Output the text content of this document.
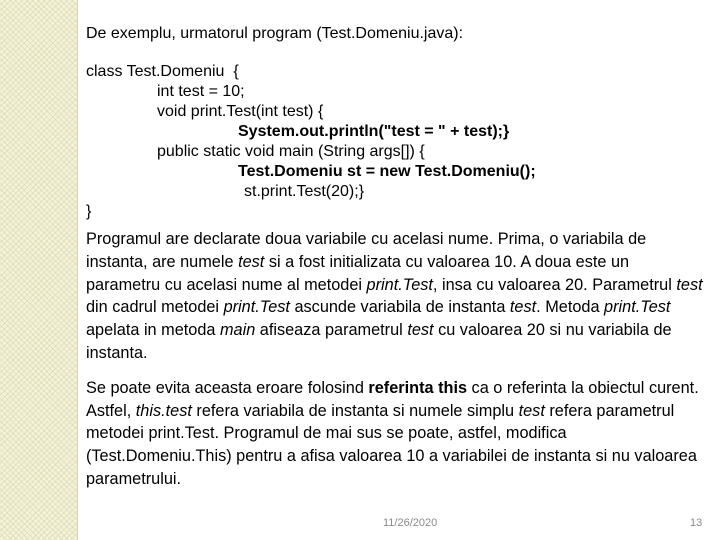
De exemplu, urmatorul program (Test.Domeniu.java):

class Test.Domeniu  {
int test = 10;
void print.Test(int test) {
System.out.println("test = " + test);}
public static void main (String args[]) {
Test.Domeniu st = new Test.Domeniu();
st.print.Test(20);}
}

Programul are declarate doua variabile cu acelasi nume. Prima, o variabila de instanta, are numele test si a fost initializata cu valoarea 10. A doua este un parametru cu acelasi nume al metodei print.Test, insa cu valoarea 20. Parametrul test din cadrul metodei print.Test ascunde variabila de instanta test. Metoda print.Test apelata in metoda main afiseaza parametrul test cu valoarea 20 si nu variabila de instanta.

Se poate evita aceasta eroare folosind referinta this ca o referinta la obiectul curent. Astfel, this.test refera variabila de instanta si numele simplu test refera parametrul metodei print.Test. Programul de mai sus se poate, astfel, modifica (Test.Domeniu.This) pentru a afisa valoarea 10 a variabilei de instanta si nu valoarea parametrului.

11/26/2020	13
